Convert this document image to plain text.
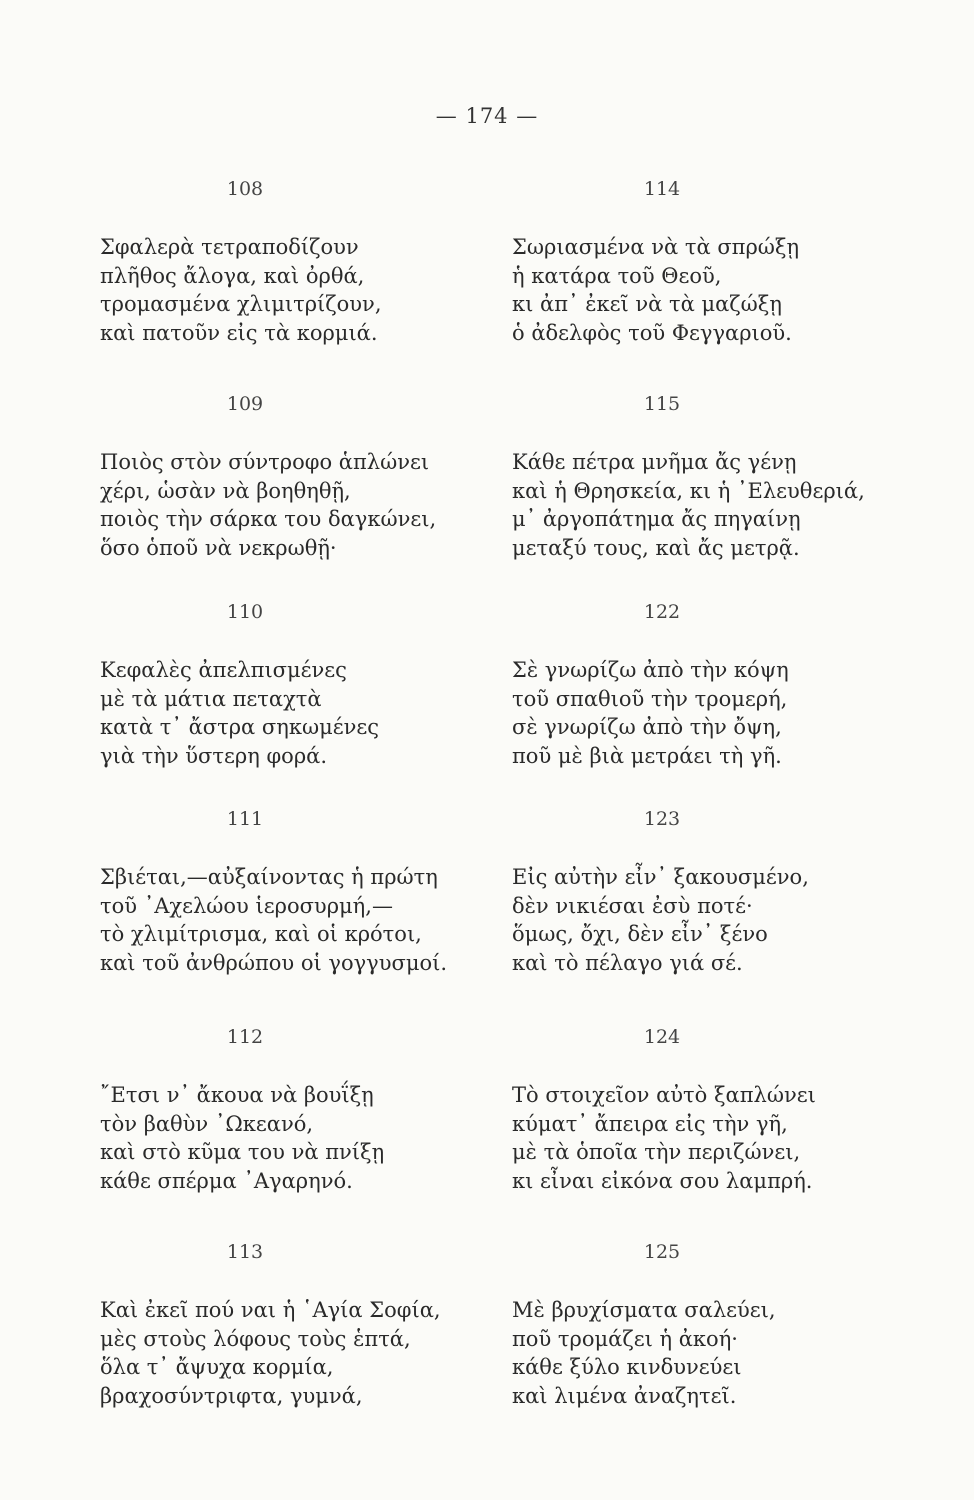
— 174 —
108
Σφαλερὰ τετραποδίζουν
πλῆθος ἄλογα, καὶ ὀρθά,
τρομασμένα χλιμιτρίζουν,
καὶ πατοῦν εἰς τὰ κορμιά.
109
Ποιὸς στὸν σύντροφο ἁπλώνει
χέρι, ὡσὰν νὰ βοηθηθῇ,
ποιὸς τὴν σάρκα του δαγκώνει,
ὅσο ὁποῦ νὰ νεκρωθῇ·
110
Κεφαλὲς ἀπελπισμένες
μὲ τὰ μάτια πεταχτὰ
κατὰ τ᾽ ἄστρα σηκωμένες
γιὰ τὴν ὕστερη φορά.
111
Σβιέται,—αὐξαίνοντας ἡ πρώτη
τοῦ ᾽Αχελώου ἱεροσυρμή,—
τὸ χλιμίτρισμα, καὶ οἱ κρότοι,
καὶ τοῦ ἀνθρώπου οἱ γογγυσμοί.
112
῎Ετσι ν᾽ ἄκουα νὰ βουΐξῃ
τὸν βαθὺν ᾽Ωκεανό,
καὶ στὸ κῦμα του νὰ πνίξῃ
κάθε σπέρμα ᾽Αγαρηνό.
113
Καὶ ἐκεῖ πού ναι ἡ ῾Αγία Σοφία,
μὲς στοὺς λόφους τοὺς ἑπτά,
ὅλα τ᾽ ἄψυχα κορμία,
βραχοσύντριφτα, γυμνά,
114
Σωριασμένα νὰ τὰ σπρώξῃ
ἡ κατάρα τοῦ Θεοῦ,
κι ἀπ᾽ ἐκεῖ νὰ τὰ μαζώξῃ
ὁ ἀδελφὸς τοῦ Φεγγαριοῦ.
115
Κάθε πέτρα μνῆμα ἄς γένῃ
καὶ ἡ Θρησκεία, κι ἡ ᾽Ελευθεριά,
μ᾽ ἀργοπάτημα ἄς πηγαίνῃ
μεταξύ τους, καὶ ἄς μετρᾷ.
122
Σὲ γνωρίζω ἀπὸ τὴν κόψη
τοῦ σπαθιοῦ τὴν τρομερή,
σὲ γνωρίζω ἀπὸ τὴν ὄψη,
ποῦ μὲ βιὰ μετράει τὴ γῆ.
123
Εἰς αὐτὴν εἶν᾽ ξακουσμένο,
δὲν νικιέσαι ἐσὺ ποτέ·
ὅμως, ὄχι, δὲν εἶν᾽ ξένο
καὶ τὸ πέλαγο γιά σέ.
124
Τὸ στοιχεῖον αὐτὸ ξαπλώνει
κύματ᾽ ἄπειρα εἰς τὴν γῆ,
μὲ τὰ ὁποῖα τὴν περιζώνει,
κι εἶναι εἰκόνα σου λαμπρή.
125
Μὲ βρυχίσματα σαλεύει,
ποῦ τρομάζει ἡ ἀκοή·
κάθε ξύλο κινδυνεύει
καὶ λιμένα ἀναζητεῖ.
